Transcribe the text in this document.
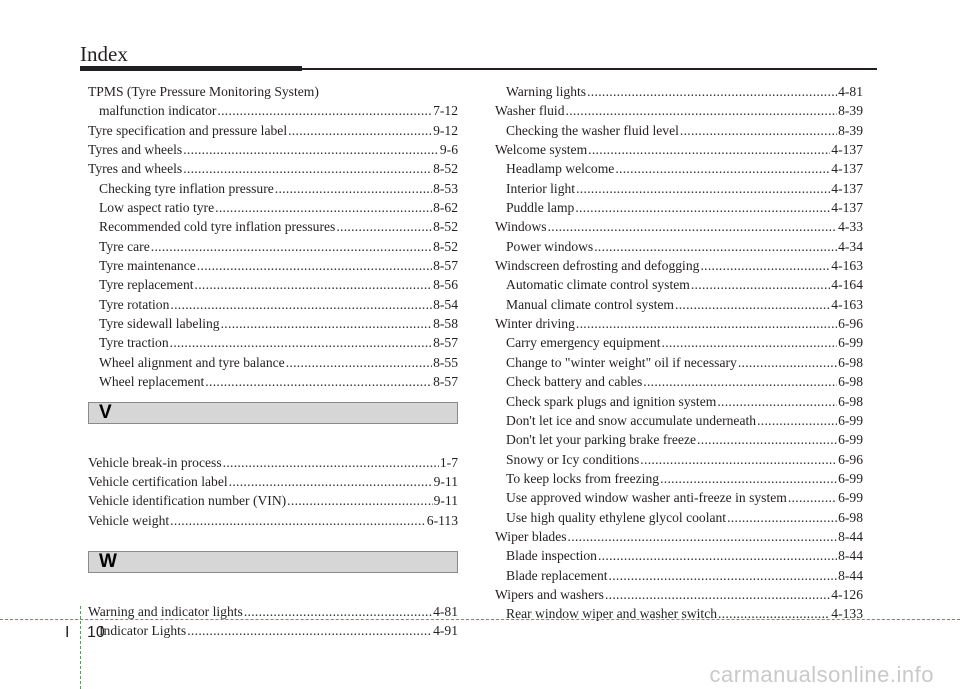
Index
TPMS (Tyre Pressure Monitoring System)
malfunction indicator .....	7-12
Tyre specification and pressure label .....	9-12
Tyres and wheels .....	9-6
Tyres and wheels .....	8-52
Checking tyre inflation pressure .....	8-53
Low aspect ratio tyre .....	8-62
Recommended cold tyre inflation pressures .....	8-52
Tyre care .....	8-52
Tyre maintenance .....	8-57
Tyre replacement .....	8-56
Tyre rotation .....	8-54
Tyre sidewall labeling .....	8-58
Tyre traction .....	8-57
Wheel alignment and tyre balance .....	8-55
Wheel replacement .....	8-57
V
Vehicle break-in process .....	1-7
Vehicle certification label .....	9-11
Vehicle identification number (VIN) .....	9-11
Vehicle weight .....	6-113
W
Warning and indicator lights .....	4-81
Indicator Lights .....	4-91
Warning lights .....	4-81
Washer fluid .....	8-39
Checking the washer fluid level .....	8-39
Welcome system .....	4-137
Headlamp welcome .....	4-137
Interior light .....	4-137
Puddle lamp .....	4-137
Windows .....	4-33
Power windows .....	4-34
Windscreen defrosting and defogging .....	4-163
Automatic climate control system .....	4-164
Manual climate control system .....	4-163
Winter driving .....	6-96
Carry emergency equipment .....	6-99
Change to "winter weight" oil if necessary .....	6-98
Check battery and cables .....	6-98
Check spark plugs and ignition system .....	6-98
Don't let ice and snow accumulate underneath .....	6-99
Don't let your parking brake freeze .....	6-99
Snowy or Icy conditions .....	6-96
To keep locks from freezing .....	6-99
Use approved window washer anti-freeze in system .....	6-99
Use high quality ethylene glycol coolant .....	6-98
Wiper blades .....	8-44
Blade inspection .....	8-44
Blade replacement .....	8-44
Wipers and washers .....	4-126
Rear window wiper and washer switch .....	4-133
I 10
carmanualsonline.info
